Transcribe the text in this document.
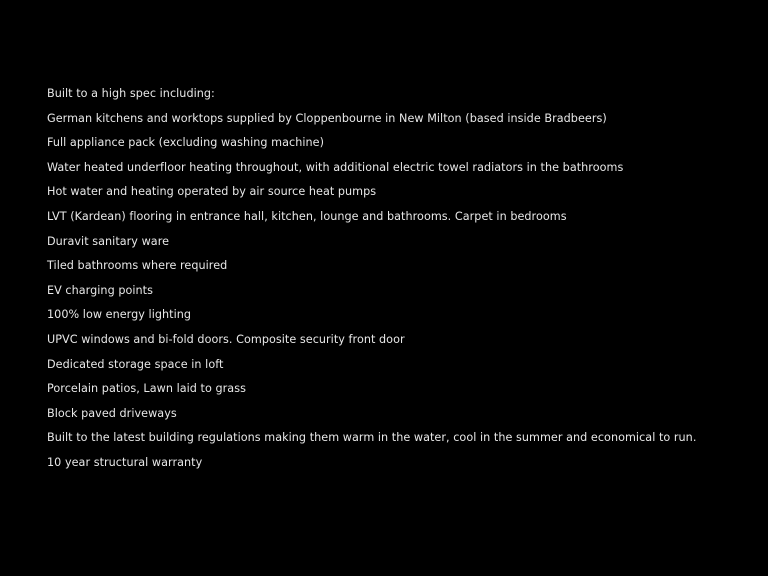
Built to a high spec including:
German kitchens and worktops supplied by Cloppenbourne in New Milton (based inside Bradbeers)
Full appliance pack (excluding washing machine)
Water heated underfloor heating throughout, with additional electric towel radiators in the bathrooms
Hot water and heating operated by air source heat pumps
LVT (Kardean) flooring in entrance hall, kitchen, lounge and bathrooms. Carpet in bedrooms
Duravit sanitary ware
Tiled bathrooms where required
EV charging points
100% low energy lighting
UPVC windows and bi-fold doors. Composite security front door
Dedicated storage space in loft
Porcelain patios, Lawn laid to grass
Block paved driveways
Built to the latest building regulations making them warm in the water, cool in the summer and economical to run.
10 year structural warranty
